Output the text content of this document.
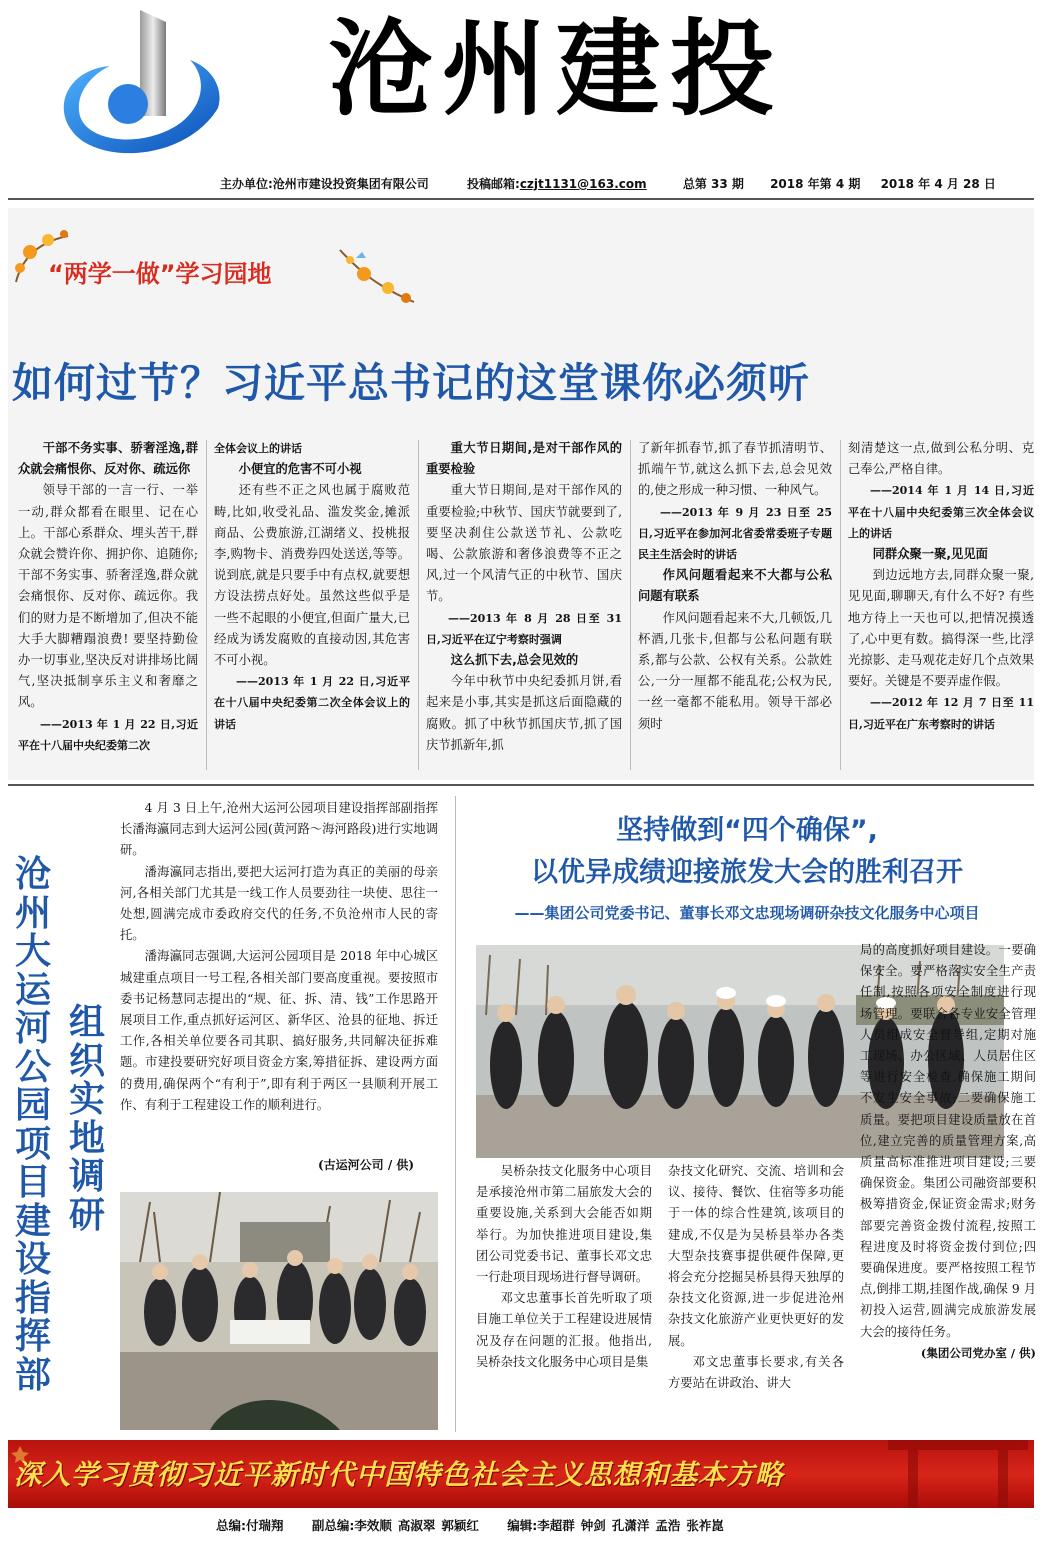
沧州建投
主办单位:沧州市建设投资集团有限公司	投稿邮箱:czjt1131@163.com	总第 33 期 2018 年第 4 期 2018 年 4 月 28 日
“两学一做”学习园地
如何过节？习近平总书记的这堂课你必须听
干部不务实事、骄奢淫逸,群众就会痛恨你、反对你、疏远你

领导干部的一言一行、一举一动,群众都看在眼里、记在心上。干部心系群众、埋头苦干,群众就会赞许你、拥护你、追随你;干部不务实事、骄奢淫逸,群众就会痛恨你、反对你、疏远你。我们的财力是不断增加了,但决不能大手大脚糟蹋浪费! 要坚持勤俭办一切事业,坚决反对讲排场比阔气,坚决抵制享乐主义和奢靡之风。

——2013 年 1 月 22 日,习近平在十八届中央纪委第二次
全体会议上的讲话
小便宜的危害不可小视

还有些不正之风也属于腐败范畴,比如,收受礼品、滥发奖金,摊派商品、公费旅游,江湖绪义、投桃报李,购物卡、消费券四处送送,等等。说到底,就是只要手中有点权,就要想方设法捞点好处。虽然这些似乎是一些不起眼的小便宜,但面广量大,已经成为诱发腐败的直接动因,其危害不可小视。

——2013 年 1 月 22 日,习近平在十八届中央纪委第二次全体会议上的讲话
重大节日期间,是对干部作风的重要检验

重大节日期间,是对干部作风的重要检验;中秋节、国庆节就要到了,要坚决刹住公款送节礼、公款吃喝、公款旅游和奢侈浪费等不正之风,过一个风清气正的中秋节、国庆节。

——2013 年 8 月 28 日至 31 日,习近平在辽宁考察时强调
这么抓下去,总会见效的

今年中秋节中央纪委抓月饼,看起来是小事,其实是抓这后面隐藏的腐败。抓了中秋节抓国庆节,抓了国庆节抓新年,抓

了新年抓春节,抓了春节抓清明节、抓端午节,就这么抓下去,总会见效的,使之形成一种习惯、一种风气。
——2013 年 9 月 23 日至 25 日,习近平在参加河北省委常委班子专题民主生活会时的讲话
作风问题看起来不大都与公私问题有联系

作风问题看起来不大,几顿饭,几杯酒,几张卡,但都与公私问题有联系,都与公款、公权有关系。公款姓公,一分一厘都不能乱花;公权为民,一丝一毫都不能私用。领导干部必须时

刻清楚这一点,做到公私分明、克己奉公,严格自律。
——2014 年 1 月 14 日,习近平在十八届中央纪委第三次全体会议上的讲话
同群众聚一聚,见见面

到边远地方去,同群众聚一聚,见见面,聊聊天,有什么不好? 有些地方待上一天也可以,把情况摸透了,心中更有数。搞得深一些,比浮光掠影、走马观花走好几个点效果要好。关键是不要弄虚作假。

——2012 年 12 月 7 日至 11 日,习近平在广东考察时的讲话
沧州大运河公园项目建设指挥部
组织实地调研

4 月 3 日上午,沧州大运河公园项目建设指挥部副指挥长潘海瀛同志到大运河公园(黄河路～海河路段)进行实地调研。

潘海瀛同志指出,要把大运河打造为真正的美丽的母亲河,各相关部门尤其是一线工作人员要劲往一块使、思往一处想,圆满完成市委政府交代的任务,不负沧州市人民的寄托。

潘海瀛同志强调,大运河公园项目是 2018 年中心城区城建重点项目一号工程,各相关部门要高度重视。要按照市委书记杨慧同志提出的“规、征、拆、清、钱”工作思路开展项目工作,重点抓好运河区、新华区、沧县的征地、拆迁工作,各相关单位要各司其职、搞好服务,共同解决征拆难题。市建投要研究好项目资金方案,筹措征拆、建设两方面的费用,确保两个“有利于”,即有利于两区一县顺利开展工作、有利于工程建设工作的顺利进行。

(古运河公司 / 供)
坚持做到“四个确保”,
以优异成绩迎接旅发大会的胜利召开
——集团公司党委书记、董事长邓文忠现场调研杂技文化服务中心项目

吴桥杂技文化服务中心项目是承接沧州市第二届旅发大会的重要设施,关系到大会能否如期举行。为加快推进项目建设,集团公司党委书记、董事长邓文忠一行赴项目现场进行督导调研。

邓文忠董事长首先听取了项目施工单位关于工程建设进展情况及存在问题的汇报。他指出,吴桥杂技文化服务中心项目是集

杂技文化研究、交流、培训和会议、接待、餐饮、住宿等多功能于一体的综合性建筑,该项目的建成,不仅是为吴桥县举办各类大型杂技赛事提供硬件保障,更将会充分挖掘吴桥县得天独厚的杂技文化资源,进一步促进沧州杂技文化旅游产业更快更好的发展。

邓文忠董事长要求,有关各方要站在讲政治、讲大

局的高度抓好项目建设。一要确保安全。要严格落实安全生产责任制,按照各项安全制度进行现场管理。要联合各专业安全管理人员组成安全督导组,定期对施工现场、办公区域、人员居住区等进行安全检查,确保施工期间不发生安全事故;二要确保施工质量。要把项目建设质量放在首位,建立完善的质量管理方案,高质量高标准推进项目建设;三要确保资金。集团公司融资部要积极筹措资金,保证资金需求;财务部要完善资金拨付流程,按照工程进度及时将资金拨付到位;四要确保进度。要严格按照工程节点,倒排工期,挂图作战,确保 9 月初投入运营,圆满完成旅游发展大会的接待任务。

(集团公司党办室 / 供)

深入学习贯彻习近平新时代中国特色社会主义思想和基本方略
总编:付瑞翔 副总编:李效顺 高淑翠 郭颖红 编辑:李超群 钟剑 孔潇洋 孟浩 张祚崑
